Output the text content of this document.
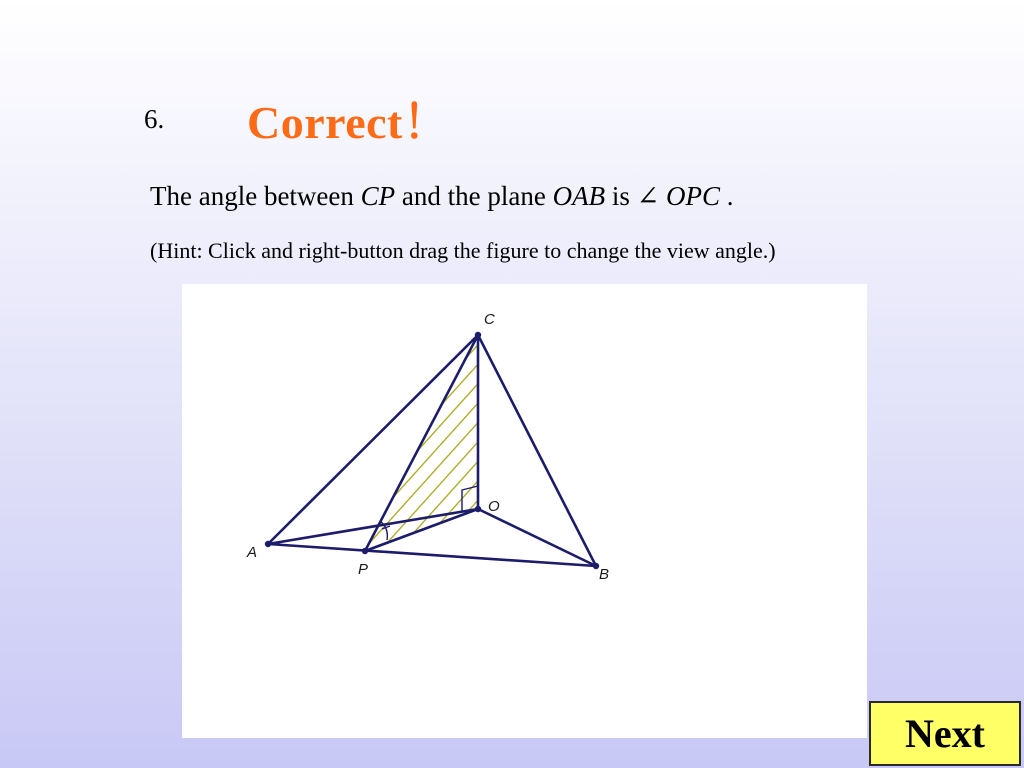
6. Correct！
The angle between CP and the plane OAB is ∠ OPC .
(Hint: Click and right-button drag the figure to change the view angle.)
C
O
A
P	B
Next
